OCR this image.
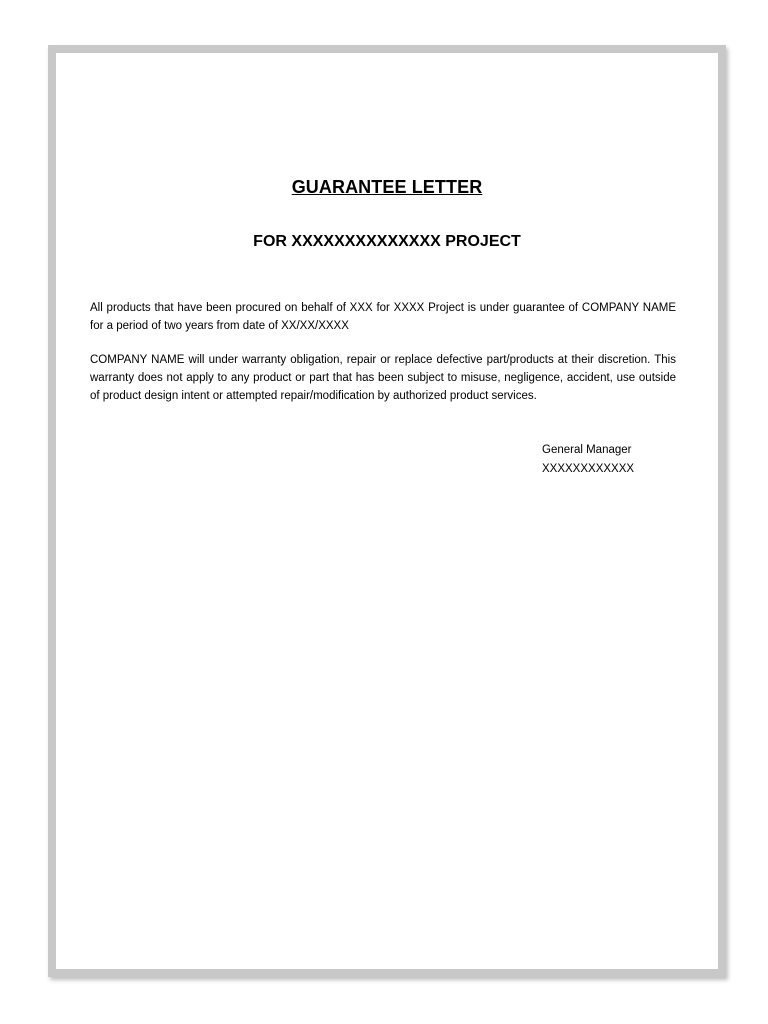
GUARANTEE LETTER
FOR XXXXXXXXXXXXXX PROJECT

All products that have been procured on behalf of XXX for XXXX Project is under guarantee of COMPANY NAME for a period of two years from date of XX/XX/XXXX

COMPANY NAME will under warranty obligation, repair or replace defective part/products at their discretion. This warranty does not apply to any product or part that has been subject to misuse, negligence, accident, use outside of product design intent or attempted repair/modification by authorized product services.

General Manager
XXXXXXXXXXXX
